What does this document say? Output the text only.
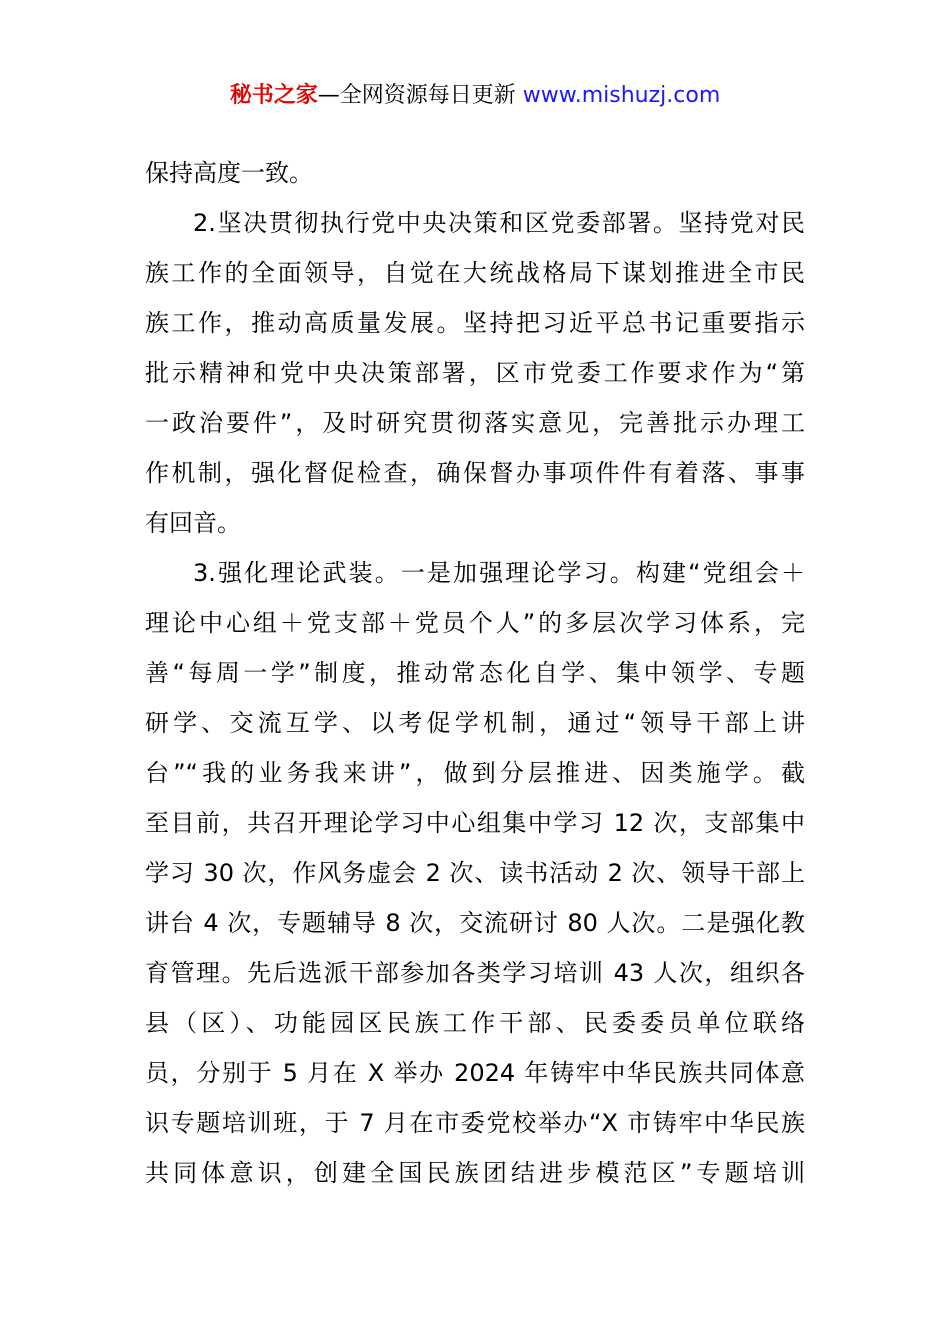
秘书之家—全网资源每日更新 www.mishuzj.com
保持高度一致。
2.坚决贯彻执行党中央决策和区党委部署。坚持党对民
族工作的全面领导，自觉在大统战格局下谋划推进全市民
族工作，推动高质量发展。坚持把习近平总书记重要指示
批示精神和党中央决策部署，区市党委工作要求作为“第
一政治要件”，及时研究贯彻落实意见，完善批示办理工
作机制，强化督促检查，确保督办事项件件有着落、事事
有回音。
3.强化理论武装。一是加强理论学习。构建“党组会＋
理论中心组＋党支部＋党员个人”的多层次学习体系，完
善“每周一学”制度，推动常态化自学、集中领学、专题
研学、交流互学、以考促学机制，通过“领导干部上讲
台”“我的业务我来讲”，做到分层推进、因类施学。截
至目前，共召开理论学习中心组集中学习 12 次，支部集中
学习 30 次，作风务虚会 2 次、读书活动 2 次、领导干部上
讲台 4 次，专题辅导 8 次，交流研讨 80 人次。二是强化教
育管理。先后选派干部参加各类学习培训 43 人次，组织各
县（区）、功能园区民族工作干部、民委委员单位联络
员，分别于 5 月在 X 举办 2024 年铸牢中华民族共同体意
识专题培训班，于 7 月在市委党校举办“X 市铸牢中华民族
共同体意识，创建全国民族团结进步模范区”专题培训
